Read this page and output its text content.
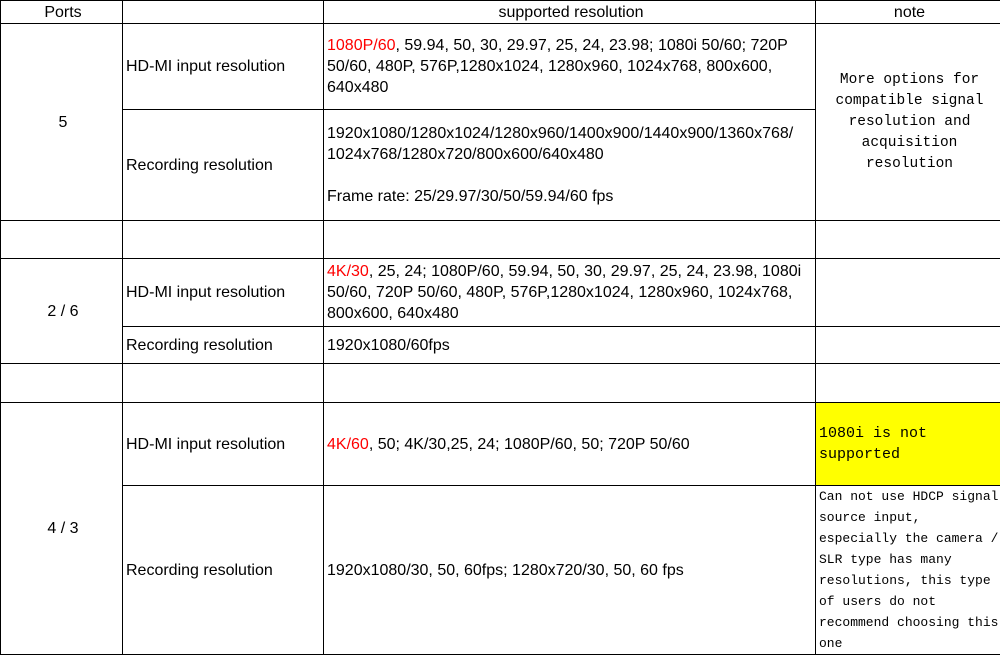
Ports		supported resolution	note
5	HD-MI input resolution	1080P/60, 59.94, 50, 30, 29.97, 25, 24, 23.98; 1080i 50/60; 720P 50/60, 480P, 576P,1280x1024, 1280x960, 1024x768, 800x600, 640x480	More options for compatible signal resolution and acquisition resolution
	Recording resolution	1920x1080/1280x1024/1280x960/1400x900/1440x900/1360x768/
1024x768/1280x720/800x600/640x480
Frame rate: 25/29.97/30/50/59.94/60 fps	

2 / 6	HD-MI input resolution	4K/30, 25, 24; 1080P/60, 59.94, 50, 30, 29.97, 25, 24, 23.98, 1080i 50/60, 720P 50/60, 480P, 576P,1280x1024, 1280x960, 1024x768, 800x600, 640x480	
	Recording resolution	1920x1080/60fps	

4 / 3	HD-MI input resolution	4K/60, 50; 4K/30,25, 24; 1080P/60, 50; 720P 50/60	1080i is not supported
	Recording resolution	1920x1080/30, 50, 60fps; 1280x720/30, 50, 60 fps	Can not use HDCP signal source input, especially the camera / SLR type has many resolutions, this type of users do not recommend choosing this one
